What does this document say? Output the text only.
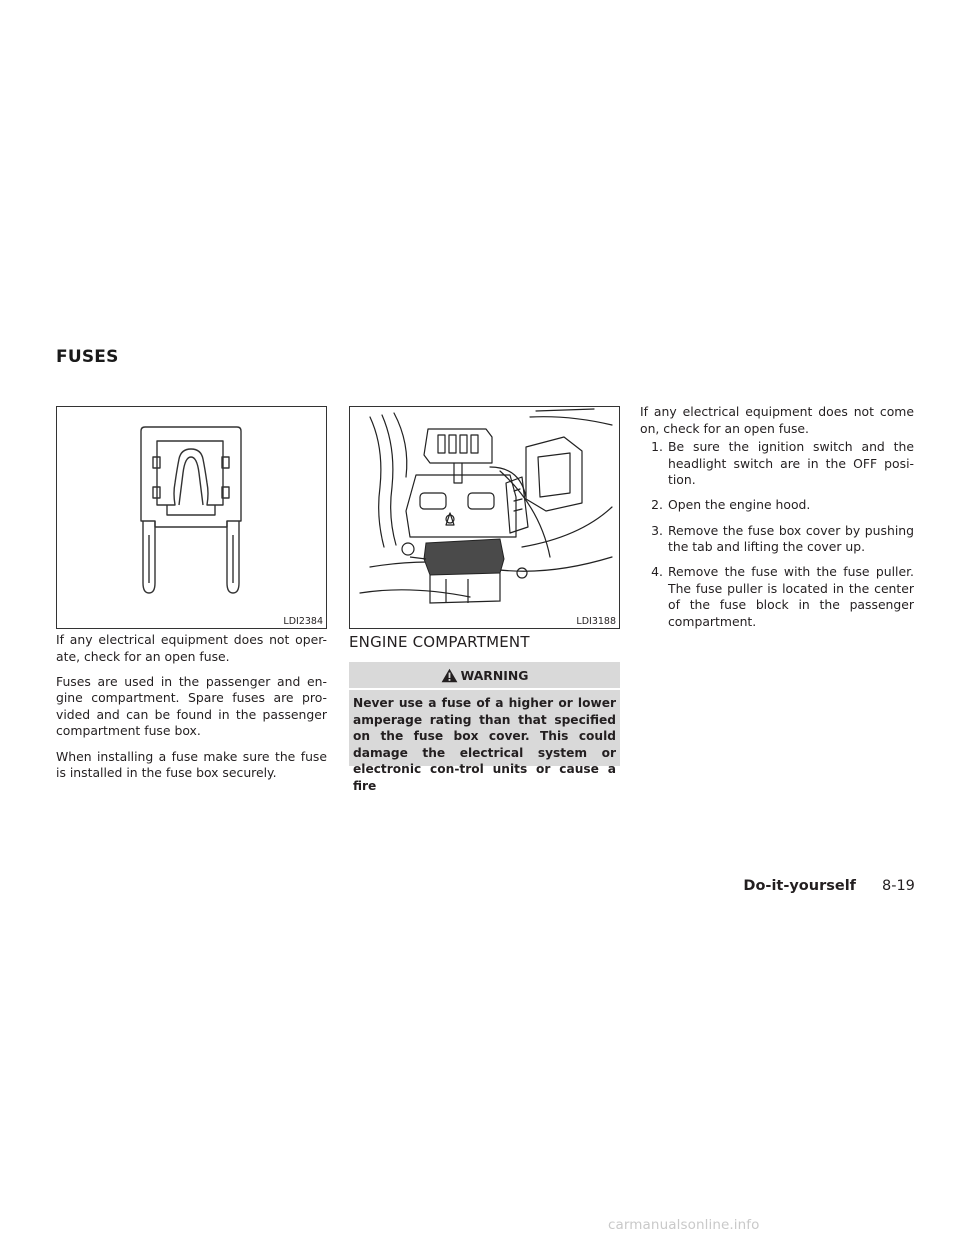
FUSES
LDI2384	LDI3188

If any electrical equipment does not oper-ate, check for an open fuse.

Fuses are used in the passenger and en-gine compartment. Spare fuses are pro-vided and can be found in the passenger compartment fuse box.

When installing a fuse make sure the fuse is installed in the fuse box securely.

ENGINE COMPARTMENT
WARNING
Never use a fuse of a higher or lower amperage rating than that specified on the fuse box cover. This could damage the electrical system or electronic con-trol units or cause a fire

If any electrical equipment does not come on, check for an open fuse.

1. Be sure the ignition switch and the headlight switch are in the OFF posi-tion.
2. Open the engine hood.
3. Remove the fuse box cover by pushing the tab and lifting the cover up.
4. Remove the fuse with the fuse puller. The fuse puller is located in the center of the fuse block in the passenger compartment.
Do-it-yourself 8-19
carmanualsonline.info
